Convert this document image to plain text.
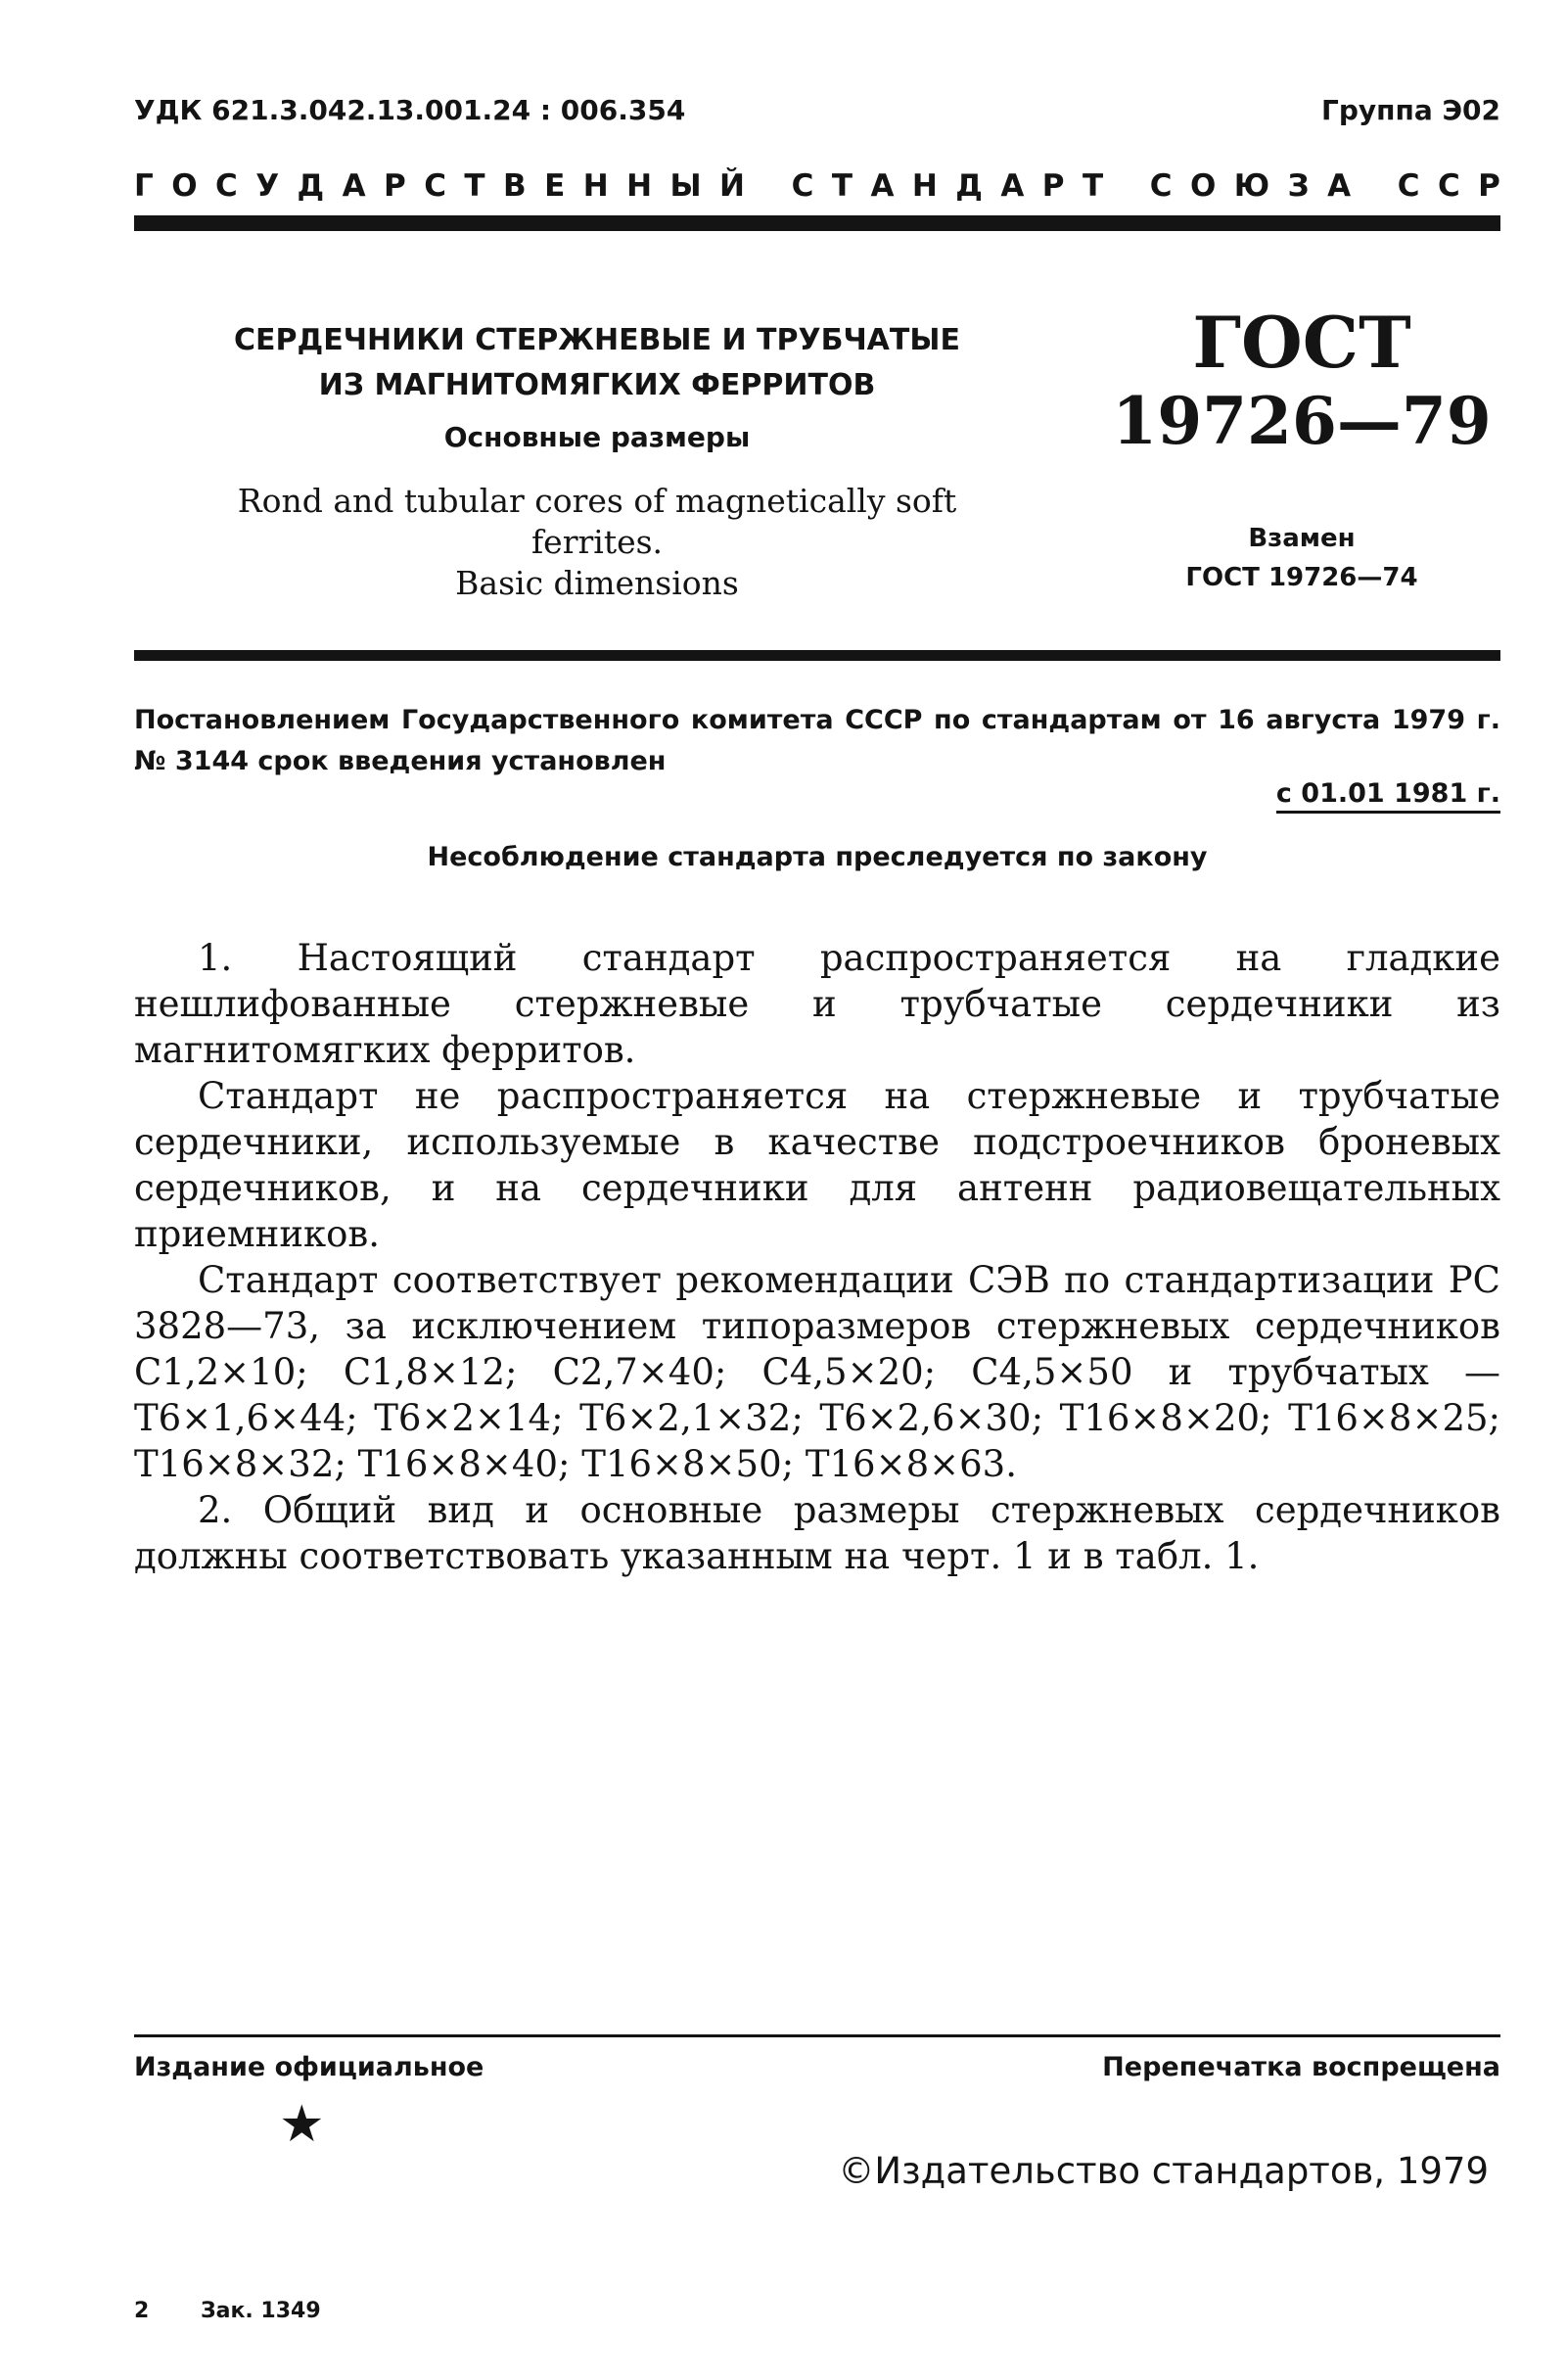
УДК 621.3.042.13.001.24 : 006.354	Группа Э02
Г О С У Д А Р С Т В Е Н Н Ы Й
С Т А Н Д А Р Т
С О Ю З А
С С Р
СЕРДЕЧНИКИ СТЕРЖНЕВЫЕ И ТРУБЧАТЫЕ
ИЗ МАГНИТОМЯГКИХ ФЕРРИТОВ
Основные размеры
Rond and tubular cores of magnetically soft ferrites.
Basic dimensions
ГОСТ
19726—79
Взамен
ГОСТ 19726—74
Постановлением Государственного комитета СССР по стандартам от 16 августа 1979 г. № 3144 срок введения установлен
с 01.01 1981 г.
Несоблюдение стандарта преследуется по закону

1. Настоящий стандарт распространяется на гладкие нешлифованные стержневые и трубчатые сердечники из магнитомягких ферритов.

Стандарт не распространяется на стержневые и трубчатые сердечники, используемые в качестве подстроечников броневых сердечников, и на сердечники для антенн радиовещательных приемников.

Стандарт соответствует рекомендации СЭВ по стандартизации РС 3828—73, за исключением типоразмеров стержневых сердечников С1,2×10; С1,8×12; С2,7×40; С4,5×20; С4,5×50 и трубчатых — Т6×1,6×44; Т6×2×14; Т6×2,1×32; Т6×2,6×30; Т16×8×20; Т16×8×25; Т16×8×32; Т16×8×40; Т16×8×50; Т16×8×63.

2. Общий вид и основные размеры стержневых сердечников должны соответствовать указанным на черт. 1 и в табл. 1.

Издание официальное	Перепечатка воспрещена
★
©Издательство стандартов, 1979
2 Зак. 1349
